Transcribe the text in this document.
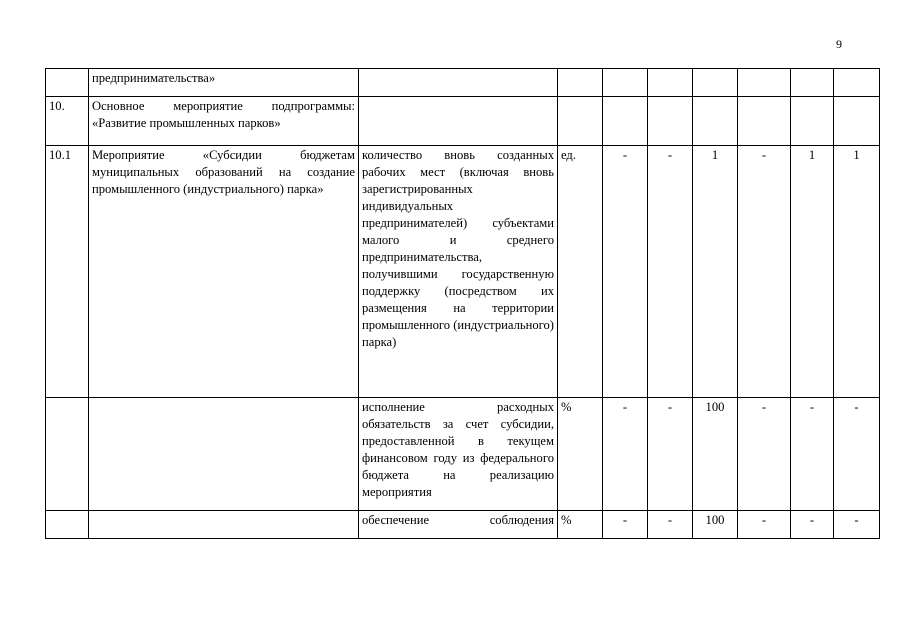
9
	предпринимательства»								
10.	Основное мероприятие подпрограммы: «Развитие промышленных парков»								
10.1	Мероприятие «Субсидии бюджетам муниципальных образований на создание промышленного (индустриального) парка»	количество вновь созданных рабочих мест (включая вновь зарегистрированных индивидуальных предпринимателей) субъектами малого и среднего предпринимательства, получившими государственную поддержку (посредством их размещения на территории промышленного (индустриального) парка)	ед.	-	-	1	-	1	1
		исполнение расходных обязательств за счет субсидии, предоставленной в текущем финансовом году из федерального бюджета на реализацию мероприятия	%	-	-	100	-	-	-
		обеспечение соблюдения	%	-	-	100	-	-	-
